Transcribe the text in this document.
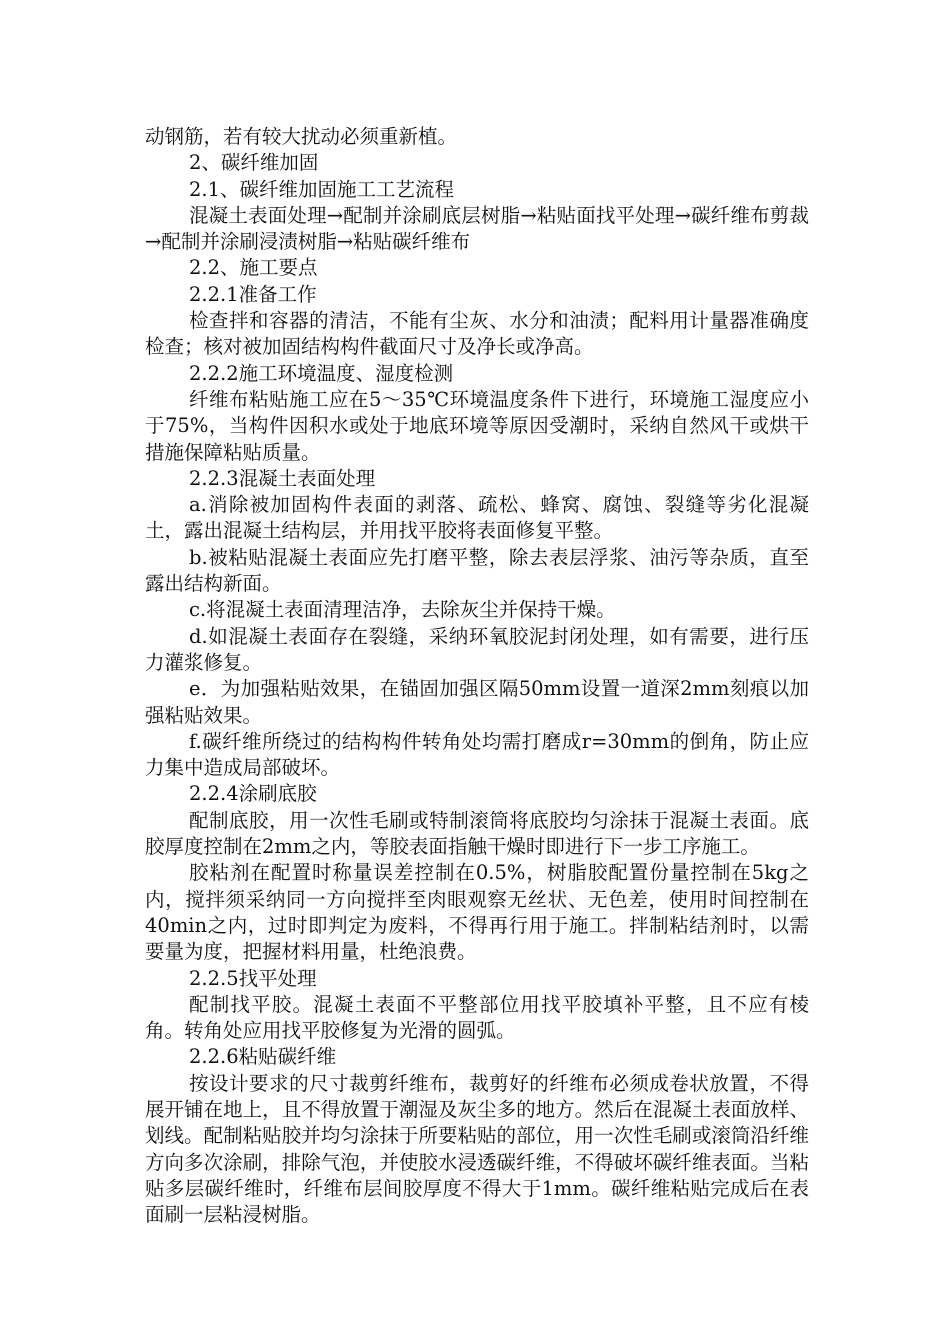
动钢筋，若有较大扰动必须重新植。

2、碳纤维加固

2.1、碳纤维加固施工工艺流程

混凝土表面处理→配制并涂刷底层树脂→粘贴面找平处理→碳纤维布剪裁→配制并涂刷浸渍树脂→粘贴碳纤维布

2.2、施工要点

2.2.1准备工作

检查拌和容器的清洁，不能有尘灰、水分和油渍；配料用计量器准确度检查；核对被加固结构构件截面尺寸及净长或净高。

2.2.2施工环境温度、湿度检测

纤维布粘贴施工应在5～35℃环境温度条件下进行，环境施工湿度应小于75%，当构件因积水或处于地底环境等原因受潮时，采纳自然风干或烘干措施保障粘贴质量。

2.2.3混凝土表面处理

a.消除被加固构件表面的剥落、疏松、蜂窝、腐蚀、裂缝等劣化混凝土，露出混凝土结构层，并用找平胶将表面修复平整。

b.被粘贴混凝土表面应先打磨平整，除去表层浮浆、油污等杂质，直至露出结构新面。

c.将混凝土表面清理洁净，去除灰尘并保持干燥。

d.如混凝土表面存在裂缝，采纳环氧胶泥封闭处理，如有需要，进行压力灌浆修复。

e．为加强粘贴效果，在锚固加强区隔50mm设置一道深2mm刻痕以加强粘贴效果。

f.碳纤维所绕过的结构构件转角处均需打磨成r=30mm的倒角，防止应力集中造成局部破坏。

2.2.4涂刷底胶

配制底胶，用一次性毛刷或特制滚筒将底胶均匀涂抹于混凝土表面。底胶厚度控制在2mm之内，等胶表面指触干燥时即进行下一步工序施工。

胶粘剂在配置时称量误差控制在0.5%，树脂胶配置份量控制在5kg之内，搅拌须采纳同一方向搅拌至肉眼观察无丝状、无色差，使用时间控制在40min之内，过时即判定为废料，不得再行用于施工。拌制粘结剂时，以需要量为度，把握材料用量，杜绝浪费。

2.2.5找平处理

配制找平胶。混凝土表面不平整部位用找平胶填补平整，且不应有棱角。转角处应用找平胶修复为光滑的圆弧。

2.2.6粘贴碳纤维

按设计要求的尺寸裁剪纤维布，裁剪好的纤维布必须成卷状放置，不得展开铺在地上，且不得放置于潮湿及灰尘多的地方。然后在混凝土表面放样、划线。配制粘贴胶并均匀涂抹于所要粘贴的部位，用一次性毛刷或滚筒沿纤维方向多次涂刷，排除气泡，并使胶水浸透碳纤维，不得破坏碳纤维表面。当粘贴多层碳纤维时，纤维布层间胶厚度不得大于1mm。碳纤维粘贴完成后在表面刷一层粘浸树脂。
